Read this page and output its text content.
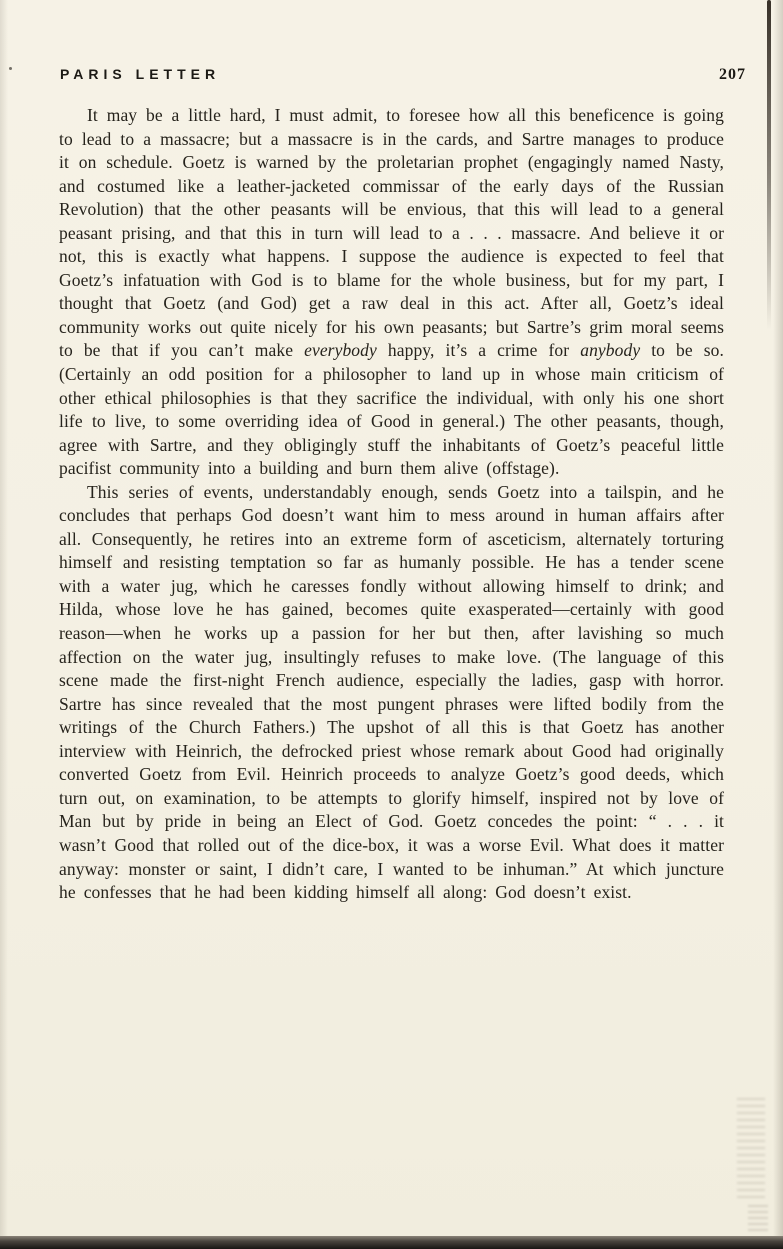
PARIS LETTER	207

It may be a little hard, I must admit, to foresee how all this beneficence is going to lead to a massacre; but a massacre is in the cards, and Sartre manages to produce it on schedule. Goetz is warned by the proletarian prophet (engagingly named Nasty, and costumed like a leather-jacketed commissar of the early days of the Russian Revolution) that the other peasants will be envious, that this will lead to a general peasant prising, and that this in turn will lead to a . . . massacre. And believe it or not, this is exactly what happens. I suppose the audience is expected to feel that Goetz’s infatuation with God is to blame for the whole business, but for my part, I thought that Goetz (and God) get a raw deal in this act. After all, Goetz’s ideal community works out quite nicely for his own peasants; but Sartre’s grim moral seems to be that if you can’t make everybody happy, it’s a crime for anybody to be so. (Certainly an odd position for a philosopher to land up in whose main criticism of other ethical philosophies is that they sacrifice the individual, with only his one short life to live, to some overriding idea of Good in general.) The other peasants, though, agree with Sartre, and they obligingly stuff the inhabitants of Goetz’s peaceful little pacifist community into a building and burn them alive (offstage).

This series of events, understandably enough, sends Goetz into a tailspin, and he concludes that perhaps God doesn’t want him to mess around in human affairs after all. Consequently, he retires into an extreme form of asceticism, alternately torturing himself and resisting temptation so far as humanly possible. He has a tender scene with a water jug, which he caresses fondly without allowing himself to drink; and Hilda, whose love he has gained, becomes quite exasperated—certainly with good reason—when he works up a passion for her but then, after lavishing so much affection on the water jug, insultingly refuses to make love. (The language of this scene made the first-night French audience, especially the ladies, gasp with horror. Sartre has since revealed that the most pungent phrases were lifted bodily from the writings of the Church Fathers.) The upshot of all this is that Goetz has another interview with Heinrich, the defrocked priest whose remark about Good had originally converted Goetz from Evil. Heinrich proceeds to analyze Goetz’s good deeds, which turn out, on examination, to be attempts to glorify himself, inspired not by love of Man but by pride in being an Elect of God. Goetz concedes the point: “ . . . it wasn’t Good that rolled out of the dice-box, it was a worse Evil. What does it matter anyway: monster or saint, I didn’t care, I wanted to be inhuman.” At which juncture he confesses that he had been kidding himself all along: God doesn’t exist.
